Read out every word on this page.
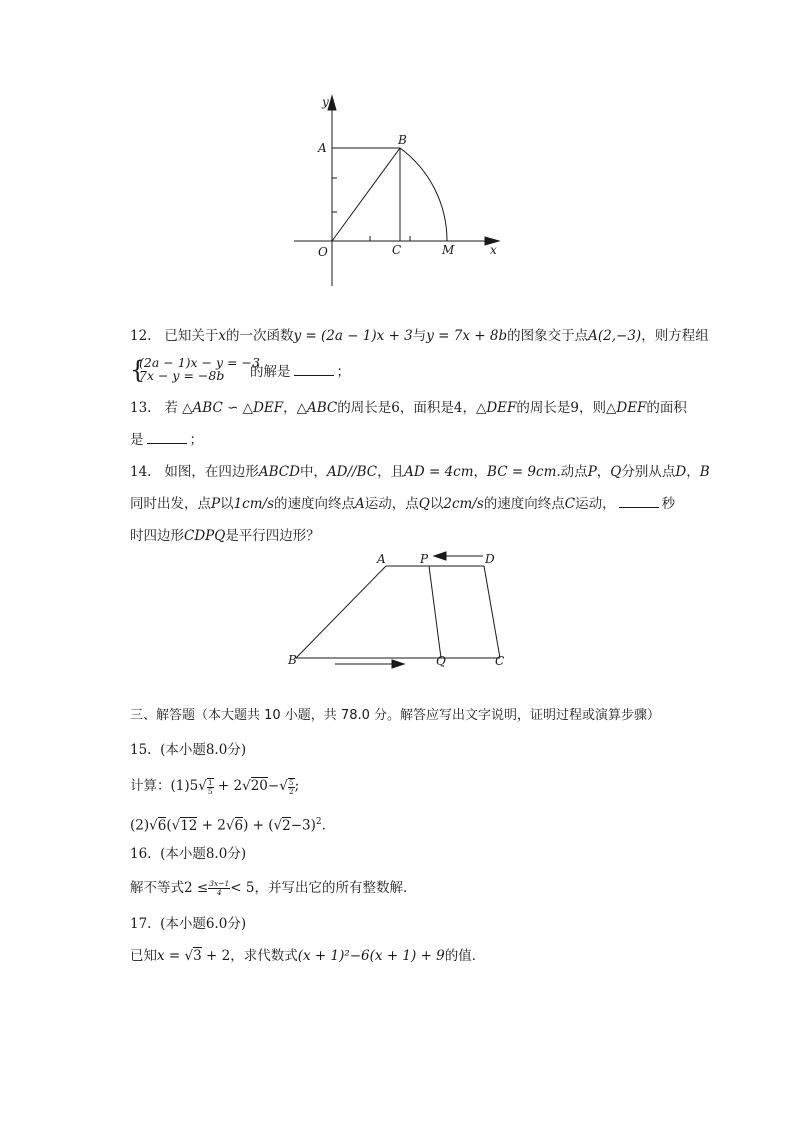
y
x
O
A
B
C	M
12. 已知关于x的一次函数y = (2a − 1)x + 3与y = 7x + 8b的图象交于点A(2,−3)，则方程组
{
(2a − 1)x − y = −3
7x − y = −8b	的解是	；
13. 若 △ABC ∽ △DEF，△ABC的周长是6，面积是4，△DEF的周长是9，则△DEF的面积
是	；
14. 如图，在四边形ABCD中，AD//BC，且AD = 4cm，BC = 9cm.动点P，Q分别从点D，B
同时出发，点P以1cm/s的速度向终点A运动，点Q以2cm/s的速度向终点C运动，	秒
时四边形CDPQ是平行四边形？
A	P	D
B	Q	C
三、解答题（本大题共 10 小题，共 78.0 分。解答应写出文字说明，证明过程或演算步骤）
15. (本小题8.0分)
计算：$(1)5√ \frac{1}{5} + 2√20-√ \frac{5}{2}$ ;
$(2)√6(√12 + 2√6) + (√2-3)^2$.
16. (本小题8.0分)
解不等式$2 \le \frac{3x-1}{4} < 5$，并写出它的所有整数解．
17. (本小题6.0分)
已知x = √3 + 2，求代数式(x + 1)²−6(x + 1) + 9的值．
